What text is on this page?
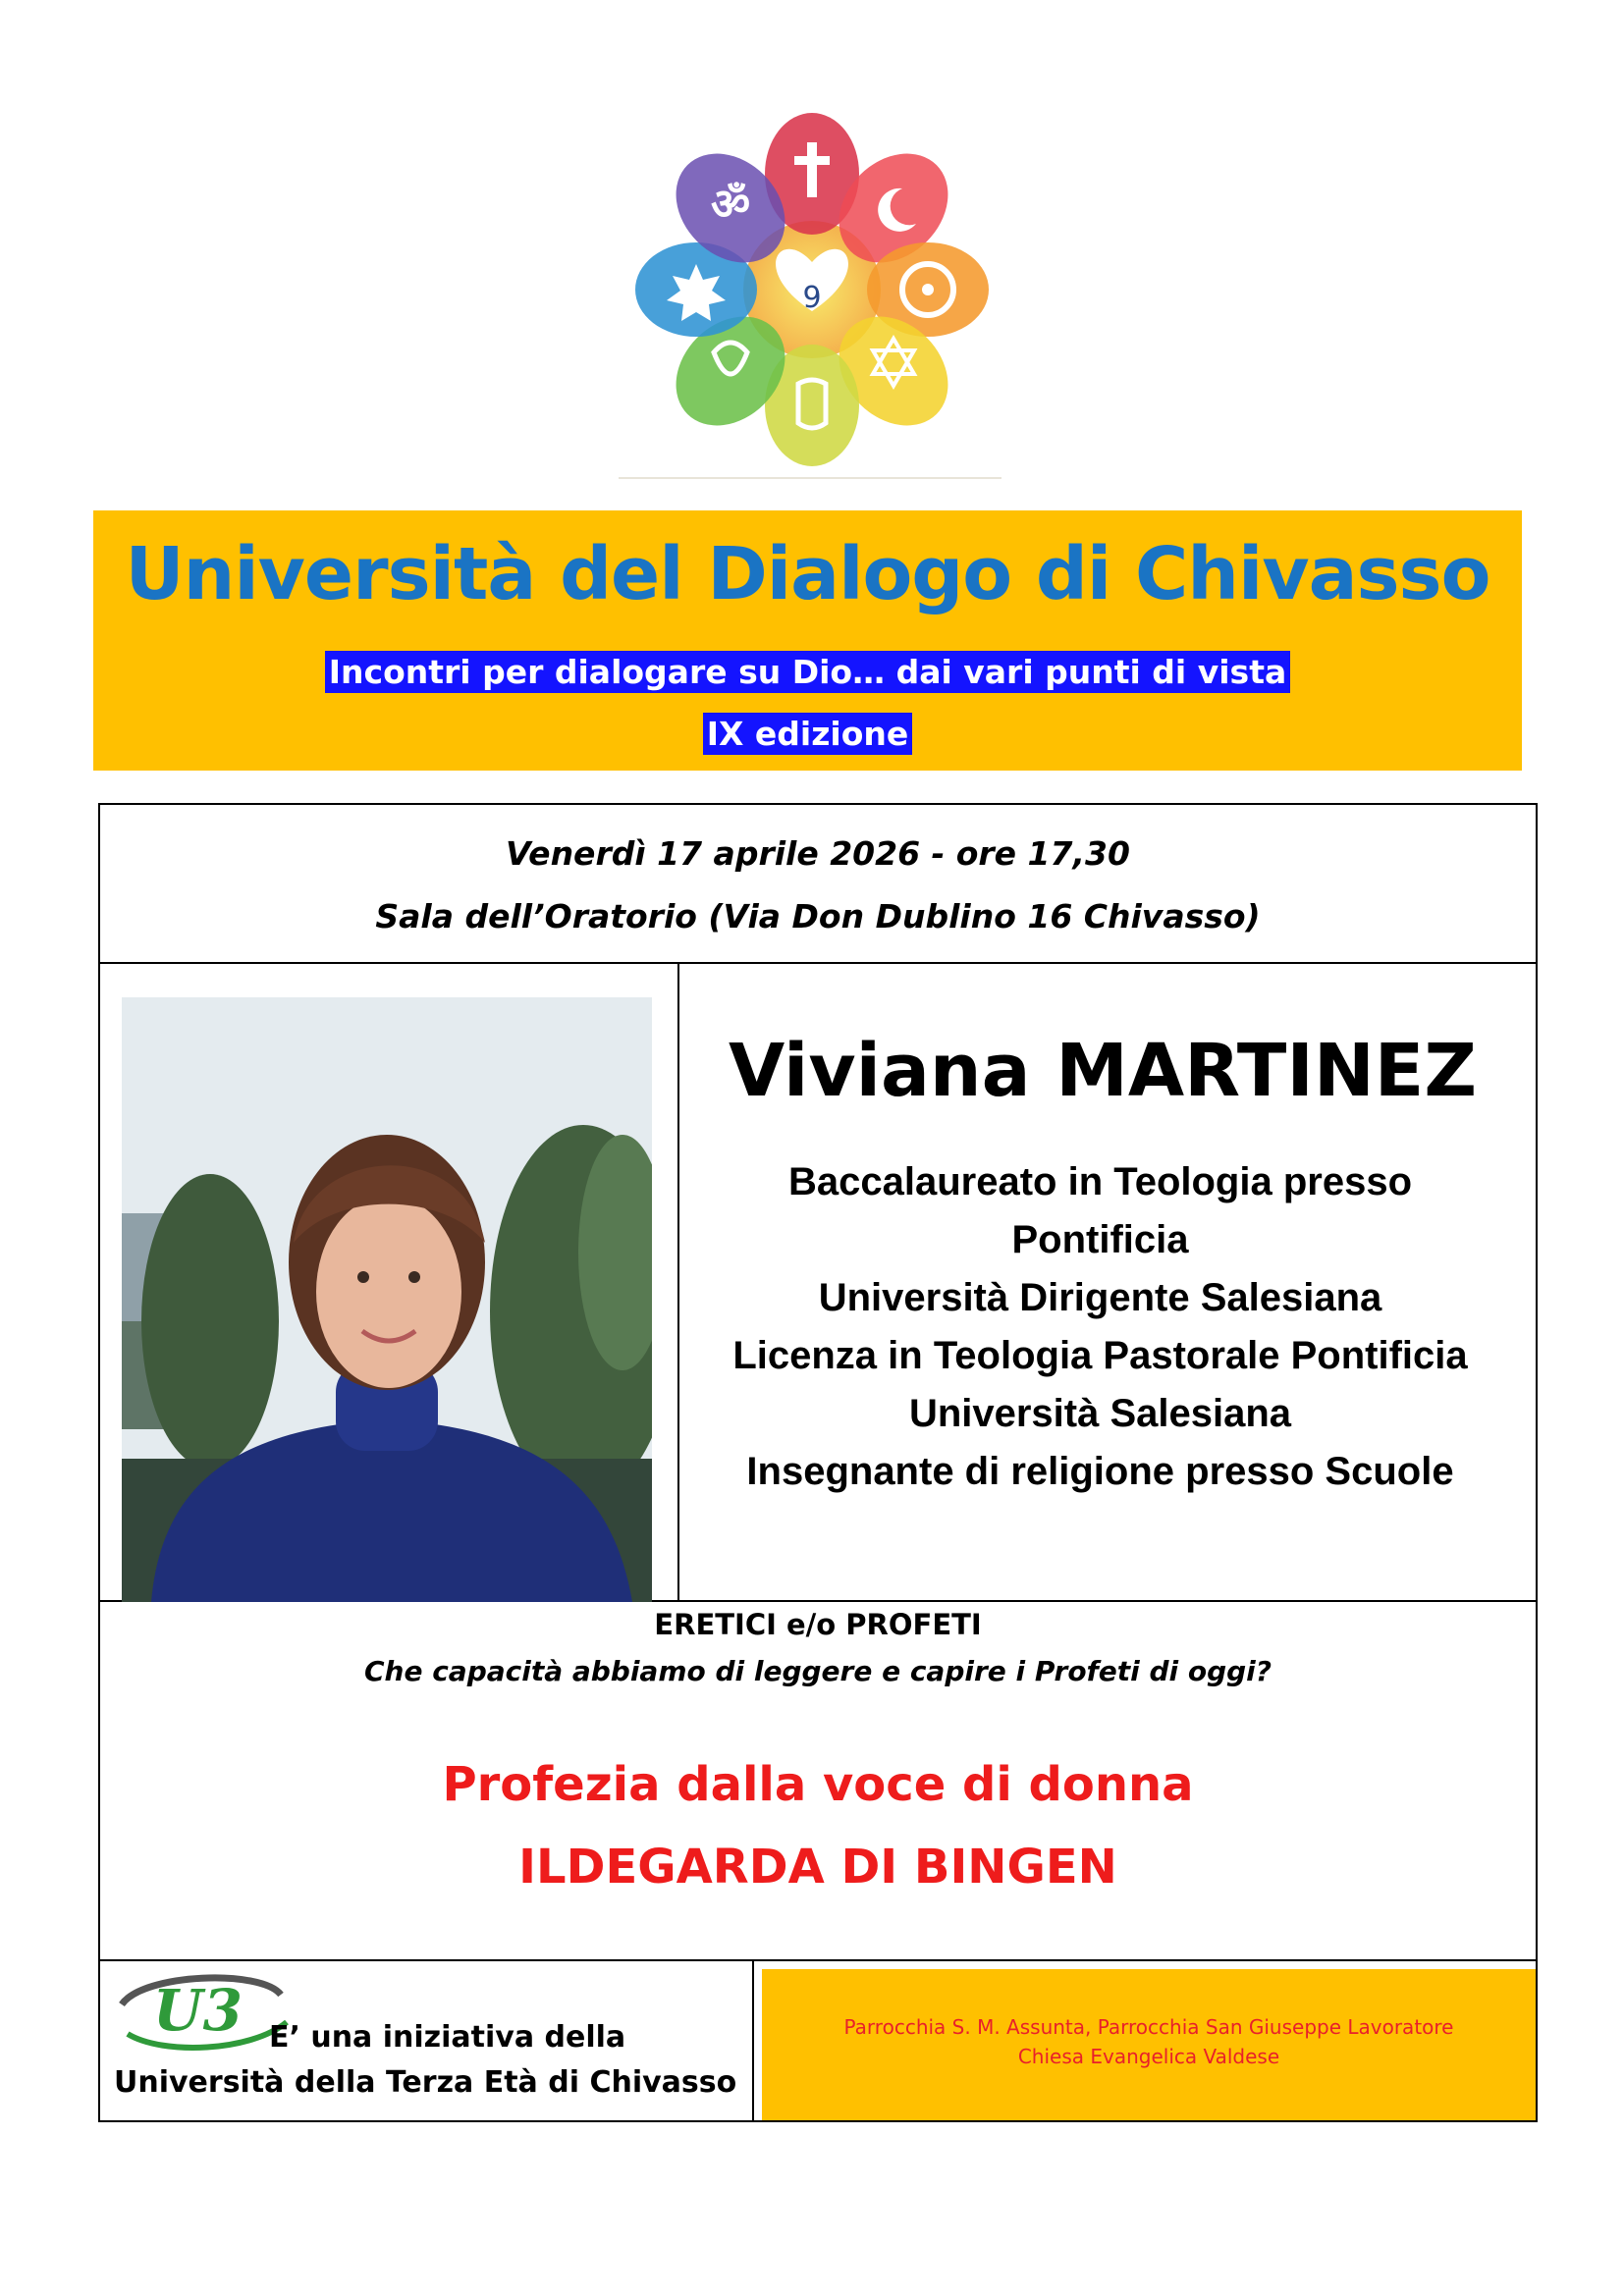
ॐ
9
Università del Dialogo di Chivasso
Incontri per dialogare su Dio… dai vari punti di vista
IX edizione
Venerdì 17 aprile 2026 - ore 17,30
Sala dell’Oratorio (Via Don Dublino 16 Chivasso)
Viviana MARTINEZ
Baccalaureato in Teologia presso
Pontificia
Università Dirigente Salesiana
Licenza in Teologia Pastorale Pontificia
Università Salesiana
Insegnante di religione presso Scuole
ERETICI e/o PROFETI
Che capacità abbiamo di leggere e capire i Profeti di oggi?
Profezia dalla voce di donna
ILDEGARDA DI BINGEN
U3 E’ una iniziativa della
Università della Terza Età di Chivasso
Parrocchia S. M. Assunta, Parrocchia San Giuseppe Lavoratore
Chiesa Evangelica Valdese
